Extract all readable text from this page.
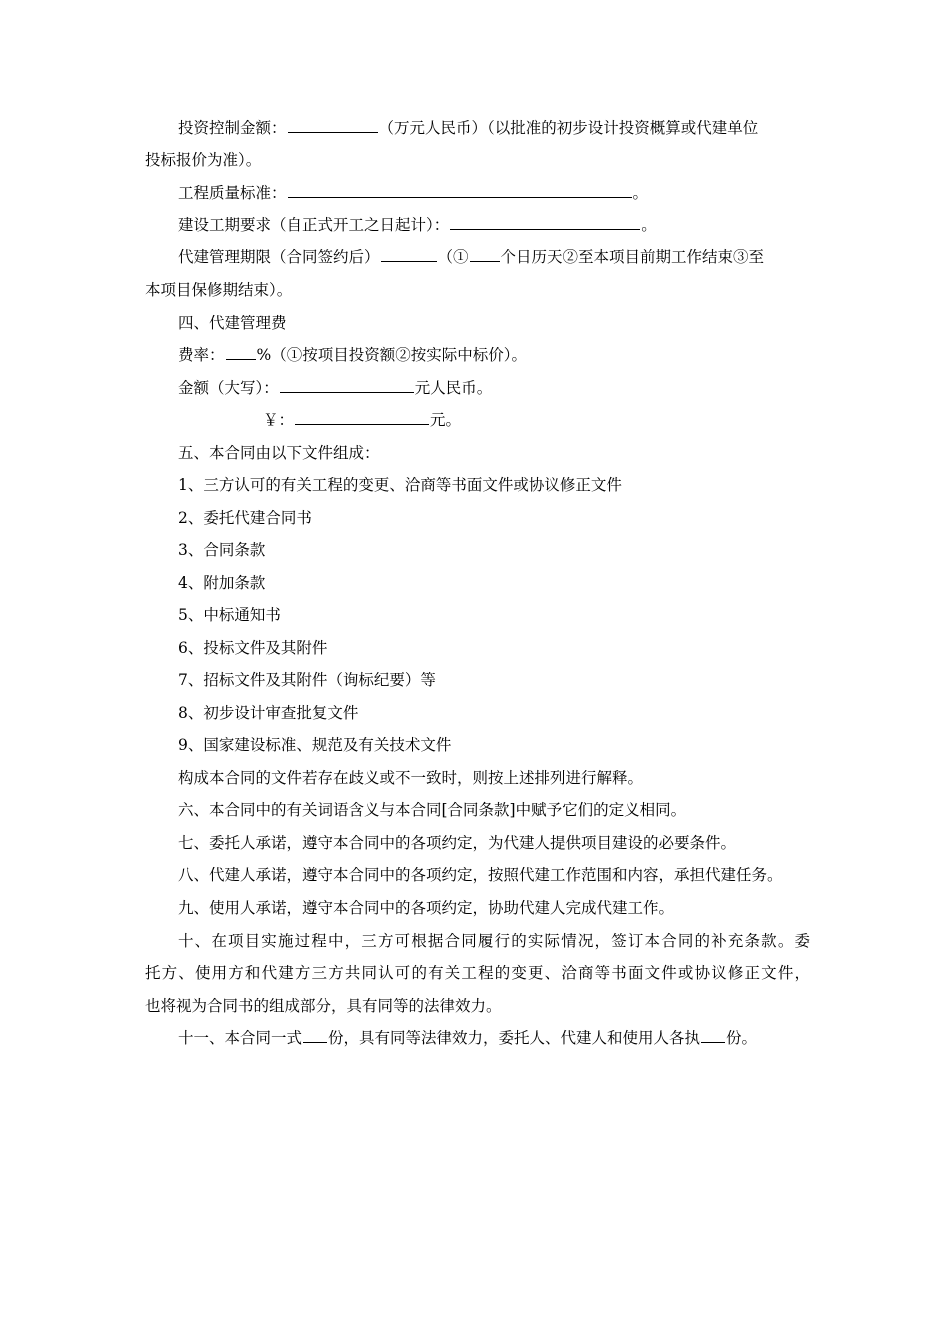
投资控制金额：	（万元人民币）（以批准的初步设计投资概算或代建单位
投标报价为准）。
工程质量标准：	。
建设工期要求（自正式开工之日起计）：	。
代建管理期限（合同签约后）	（① 个日历天②至本项目前期工作结束③至
本项目保修期结束）。
四、代建管理费
费率： %（①按项目投资额②按实际中标价）。
金额（大写）：	元人民币。
￥：	元。
五、本合同由以下文件组成：
1、三方认可的有关工程的变更、洽商等书面文件或协议修正文件
2、委托代建合同书
3、合同条款
4、附加条款
5、中标通知书
6、投标文件及其附件
7、招标文件及其附件（询标纪要）等
8、初步设计审查批复文件
9、国家建设标准、规范及有关技术文件
构成本合同的文件若存在歧义或不一致时，则按上述排列进行解释。
六、本合同中的有关词语含义与本合同[合同条款]中赋予它们的定义相同。
七、委托人承诺，遵守本合同中的各项约定，为代建人提供项目建设的必要条件。
八、代建人承诺，遵守本合同中的各项约定，按照代建工作范围和内容，承担代建任务。
九、使用人承诺，遵守本合同中的各项约定，协助代建人完成代建工作。
十、在项目实施过程中，三方可根据合同履行的实际情况，签订本合同的补充条款。委
托方、使用方和代建方三方共同认可的有关工程的变更、洽商等书面文件或协议修正文件，
也将视为合同书的组成部分，具有同等的法律效力。
十一、本合同一式 份，具有同等法律效力，委托人、代建人和使用人各执 份。
